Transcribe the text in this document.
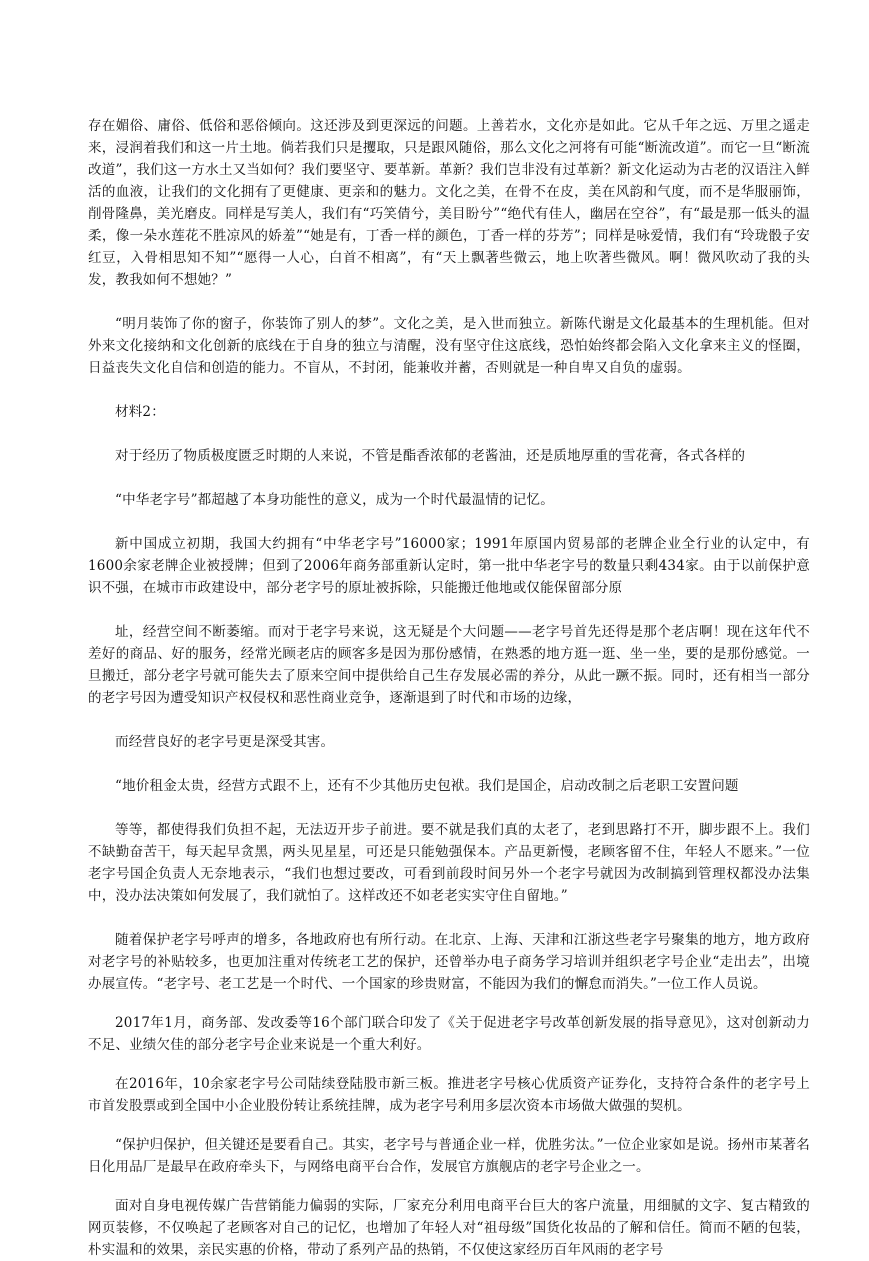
存在媚俗、庸俗、低俗和恶俗倾向。这还涉及到更深远的问题。上善若水，文化亦是如此。它从千年之远、万里之遥走来，浸润着我们和这一片土地。倘若我们只是攫取，只是跟风随俗，那么文化之河将有可能“断流改道”。而它一旦“断流改道”，我们这一方水土又当如何？我们要坚守、要革新。革新？我们岂非没有过革新？新文化运动为古老的汉语注入鲜活的血液，让我们的文化拥有了更健康、更亲和的魅力。文化之美，在骨不在皮，美在风韵和气度，而不是华服丽饰，削骨隆鼻，美光磨皮。同样是写美人，我们有“巧笑倩兮，美目盼兮”“绝代有佳人，幽居在空谷”，有“最是那一低头的温柔，像一朵水莲花不胜凉风的娇羞”“她是有，丁香一样的颜色，丁香一样的芬芳”；同样是咏爱情，我们有“玲珑骰子安红豆，入骨相思知不知”“愿得一人心，白首不相离”，有“天上飘著些微云，地上吹著些微风。啊！微风吹动了我的头发，教我如何不想她？”

“明月装饰了你的窗子，你装饰了别人的梦”。文化之美，是入世而独立。新陈代谢是文化最基本的生理机能。但对外来文化接纳和文化创新的底线在于自身的独立与清醒，没有坚守住这底线，恐怕始终都会陷入文化拿来主义的怪圈，日益丧失文化自信和创造的能力。不盲从，不封闭，能兼收并蓄，否则就是一种自卑又自负的虚弱。

材料2：

对于经历了物质极度匮乏时期的人来说，不管是酯香浓郁的老酱油，还是质地厚重的雪花膏，各式各样的

“中华老字号”都超越了本身功能性的意义，成为一个时代最温情的记忆。

新中国成立初期，我国大约拥有“中华老字号”16000家；1991年原国内贸易部的老牌企业全行业的认定中，有1600余家老牌企业被授牌；但到了2006年商务部重新认定时，第一批中华老字号的数量只剩434家。由于以前保护意识不强，在城市市政建设中，部分老字号的原址被拆除，只能搬迁他地或仅能保留部分原

址，经营空间不断萎缩。而对于老字号来说，这无疑是个大问题——老字号首先还得是那个老店啊！现在这年代不差好的商品、好的服务，经常光顾老店的顾客多是因为那份感情，在熟悉的地方逛一逛、坐一坐，要的是那份感觉。一旦搬迁，部分老字号就可能失去了原来空间中提供给自己生存发展必需的养分，从此一蹶不振。同时，还有相当一部分的老字号因为遭受知识产权侵权和恶性商业竞争，逐渐退到了时代和市场的边缘，

而经营良好的老字号更是深受其害。

“地价租金太贵，经营方式跟不上，还有不少其他历史包袱。我们是国企，启动改制之后老职工安置问题

等等，都使得我们负担不起，无法迈开步子前进。要不就是我们真的太老了，老到思路打不开，脚步跟不上。我们不缺勤奋苦干，每天起早贪黑，两头见星星，可还是只能勉强保本。产品更新慢，老顾客留不住，年轻人不愿来。”一位老字号国企负责人无奈地表示，“我们也想过要改，可看到前段时间另外一个老字号就因为改制搞到管理权都没办法集中，没办法决策如何发展了，我们就怕了。这样改还不如老老实实守住自留地。”

随着保护老字号呼声的增多，各地政府也有所行动。在北京、上海、天津和江浙这些老字号聚集的地方，地方政府对老字号的补贴较多，也更加注重对传统老工艺的保护，还曾举办电子商务学习培训并组织老字号企业“走出去”，出境办展宣传。“老字号、老工艺是一个时代、一个国家的珍贵财富，不能因为我们的懈怠而消失。”一位工作人员说。

2017年1月，商务部、发改委等16个部门联合印发了《关于促进老字号改革创新发展的指导意见》，这对创新动力不足、业绩欠佳的部分老字号企业来说是一个重大利好。

在2016年，10余家老字号公司陆续登陆股市新三板。推进老字号核心优质资产证券化，支持符合条件的老字号上市首发股票或到全国中小企业股份转让系统挂牌，成为老字号利用多层次资本市场做大做强的契机。

“保护归保护，但关键还是要看自己。其实，老字号与普通企业一样，优胜劣汰。”一位企业家如是说。扬州市某著名日化用品厂是最早在政府牵头下，与网络电商平台合作，发展官方旗舰店的老字号企业之一。

面对自身电视传媒广告营销能力偏弱的实际，厂家充分利用电商平台巨大的客户流量，用细腻的文字、复古精致的网页装修，不仅唤起了老顾客对自己的记忆，也增加了年轻人对“祖母级”国货化妆品的了解和信任。简而不陋的包装，朴实温和的效果，亲民实惠的价格，带动了系列产品的热销，不仅使这家经历百年风雨的老字号
